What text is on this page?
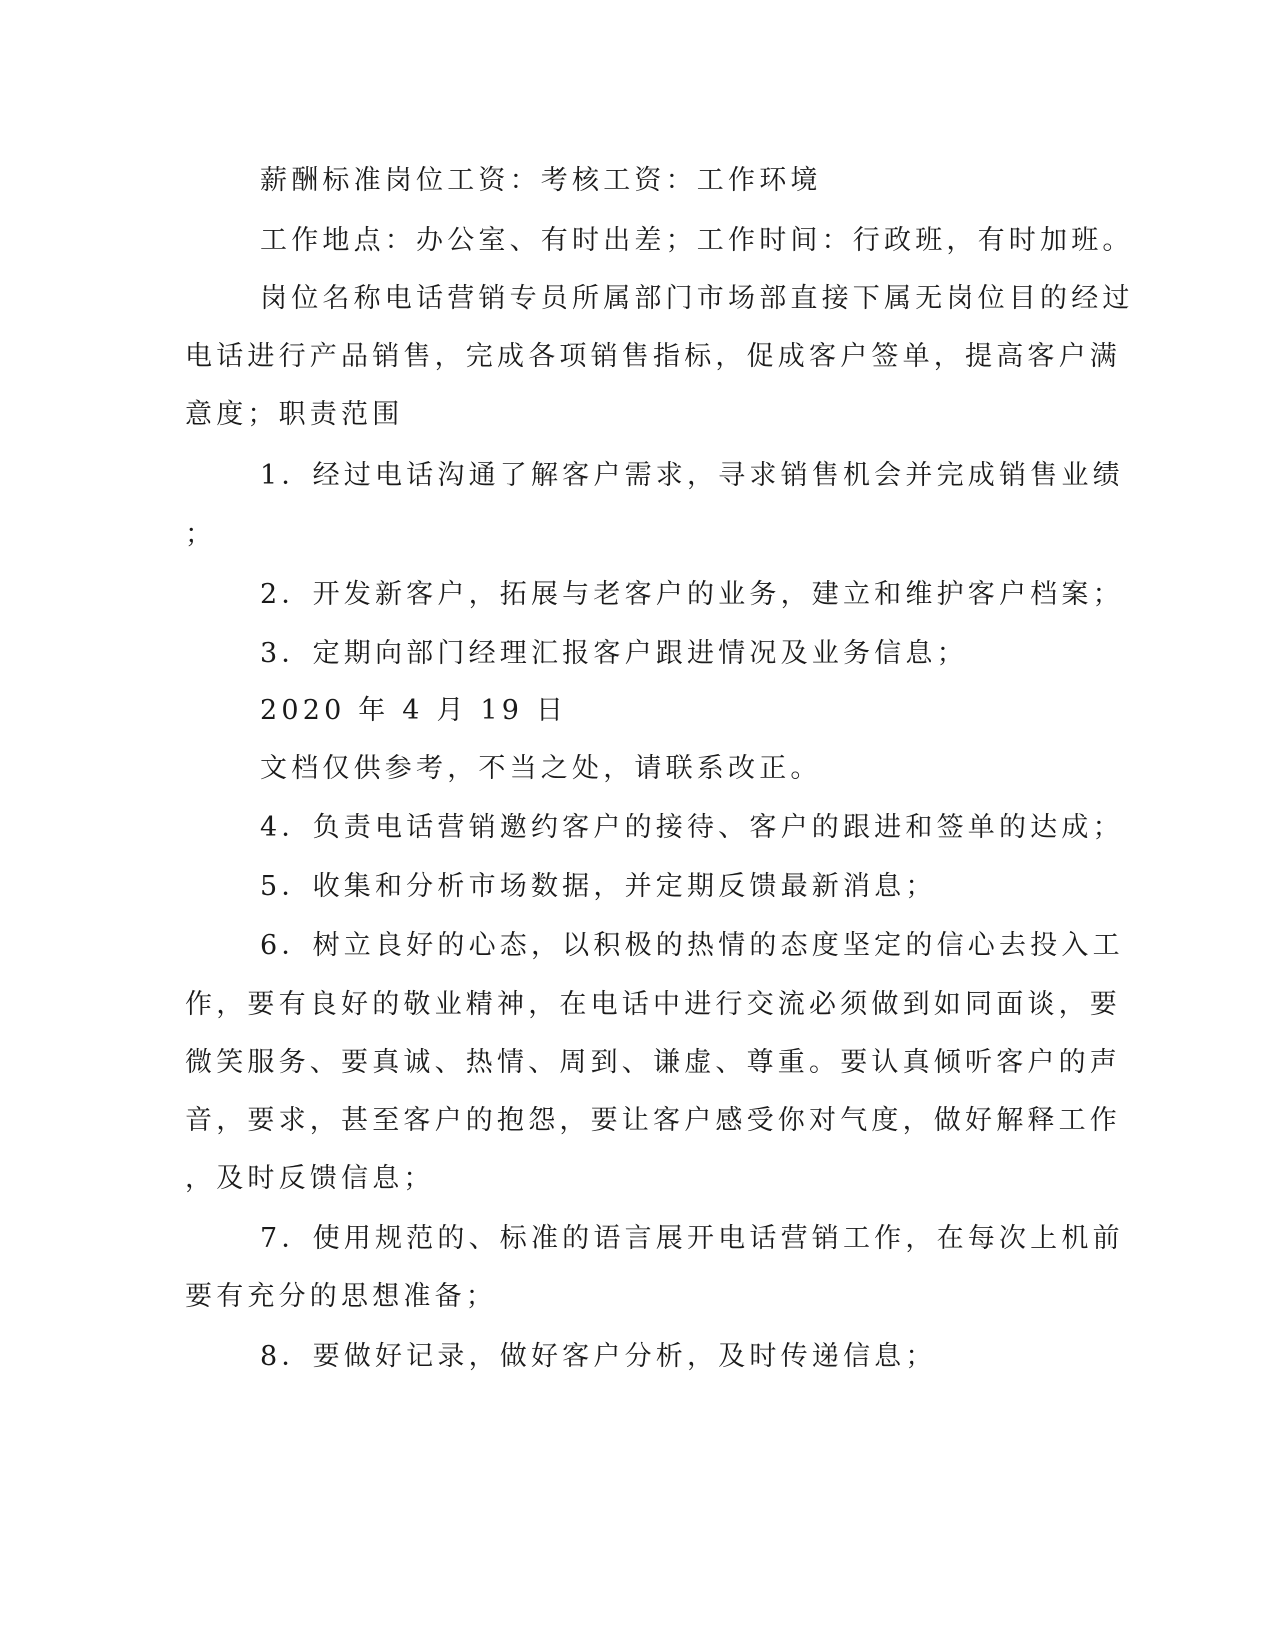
薪酬标准岗位工资：考核工资：工作环境
工作地点：办公室、有时出差；工作时间：行政班，有时加班。
岗位名称电话营销专员所属部门市场部直接下属无岗位目的经过
电话进行产品销售，完成各项销售指标，促成客户签单，提高客户满
意度；职责范围
1．经过电话沟通了解客户需求，寻求销售机会并完成销售业绩
；
2．开发新客户，拓展与老客户的业务，建立和维护客户档案；
3．定期向部门经理汇报客户跟进情况及业务信息；
2020 年 4 月 19 日
文档仅供参考，不当之处，请联系改正。
4．负责电话营销邀约客户的接待、客户的跟进和签单的达成；
5．收集和分析市场数据，并定期反馈最新消息；
6．树立良好的心态，以积极的热情的态度坚定的信心去投入工
作，要有良好的敬业精神，在电话中进行交流必须做到如同面谈，要
微笑服务、要真诚、热情、周到、谦虚、尊重。要认真倾听客户的声
音，要求，甚至客户的抱怨，要让客户感受你对气度，做好解释工作
，及时反馈信息；
7．使用规范的、标准的语言展开电话营销工作，在每次上机前
要有充分的思想准备；
8．要做好记录，做好客户分析，及时传递信息；
